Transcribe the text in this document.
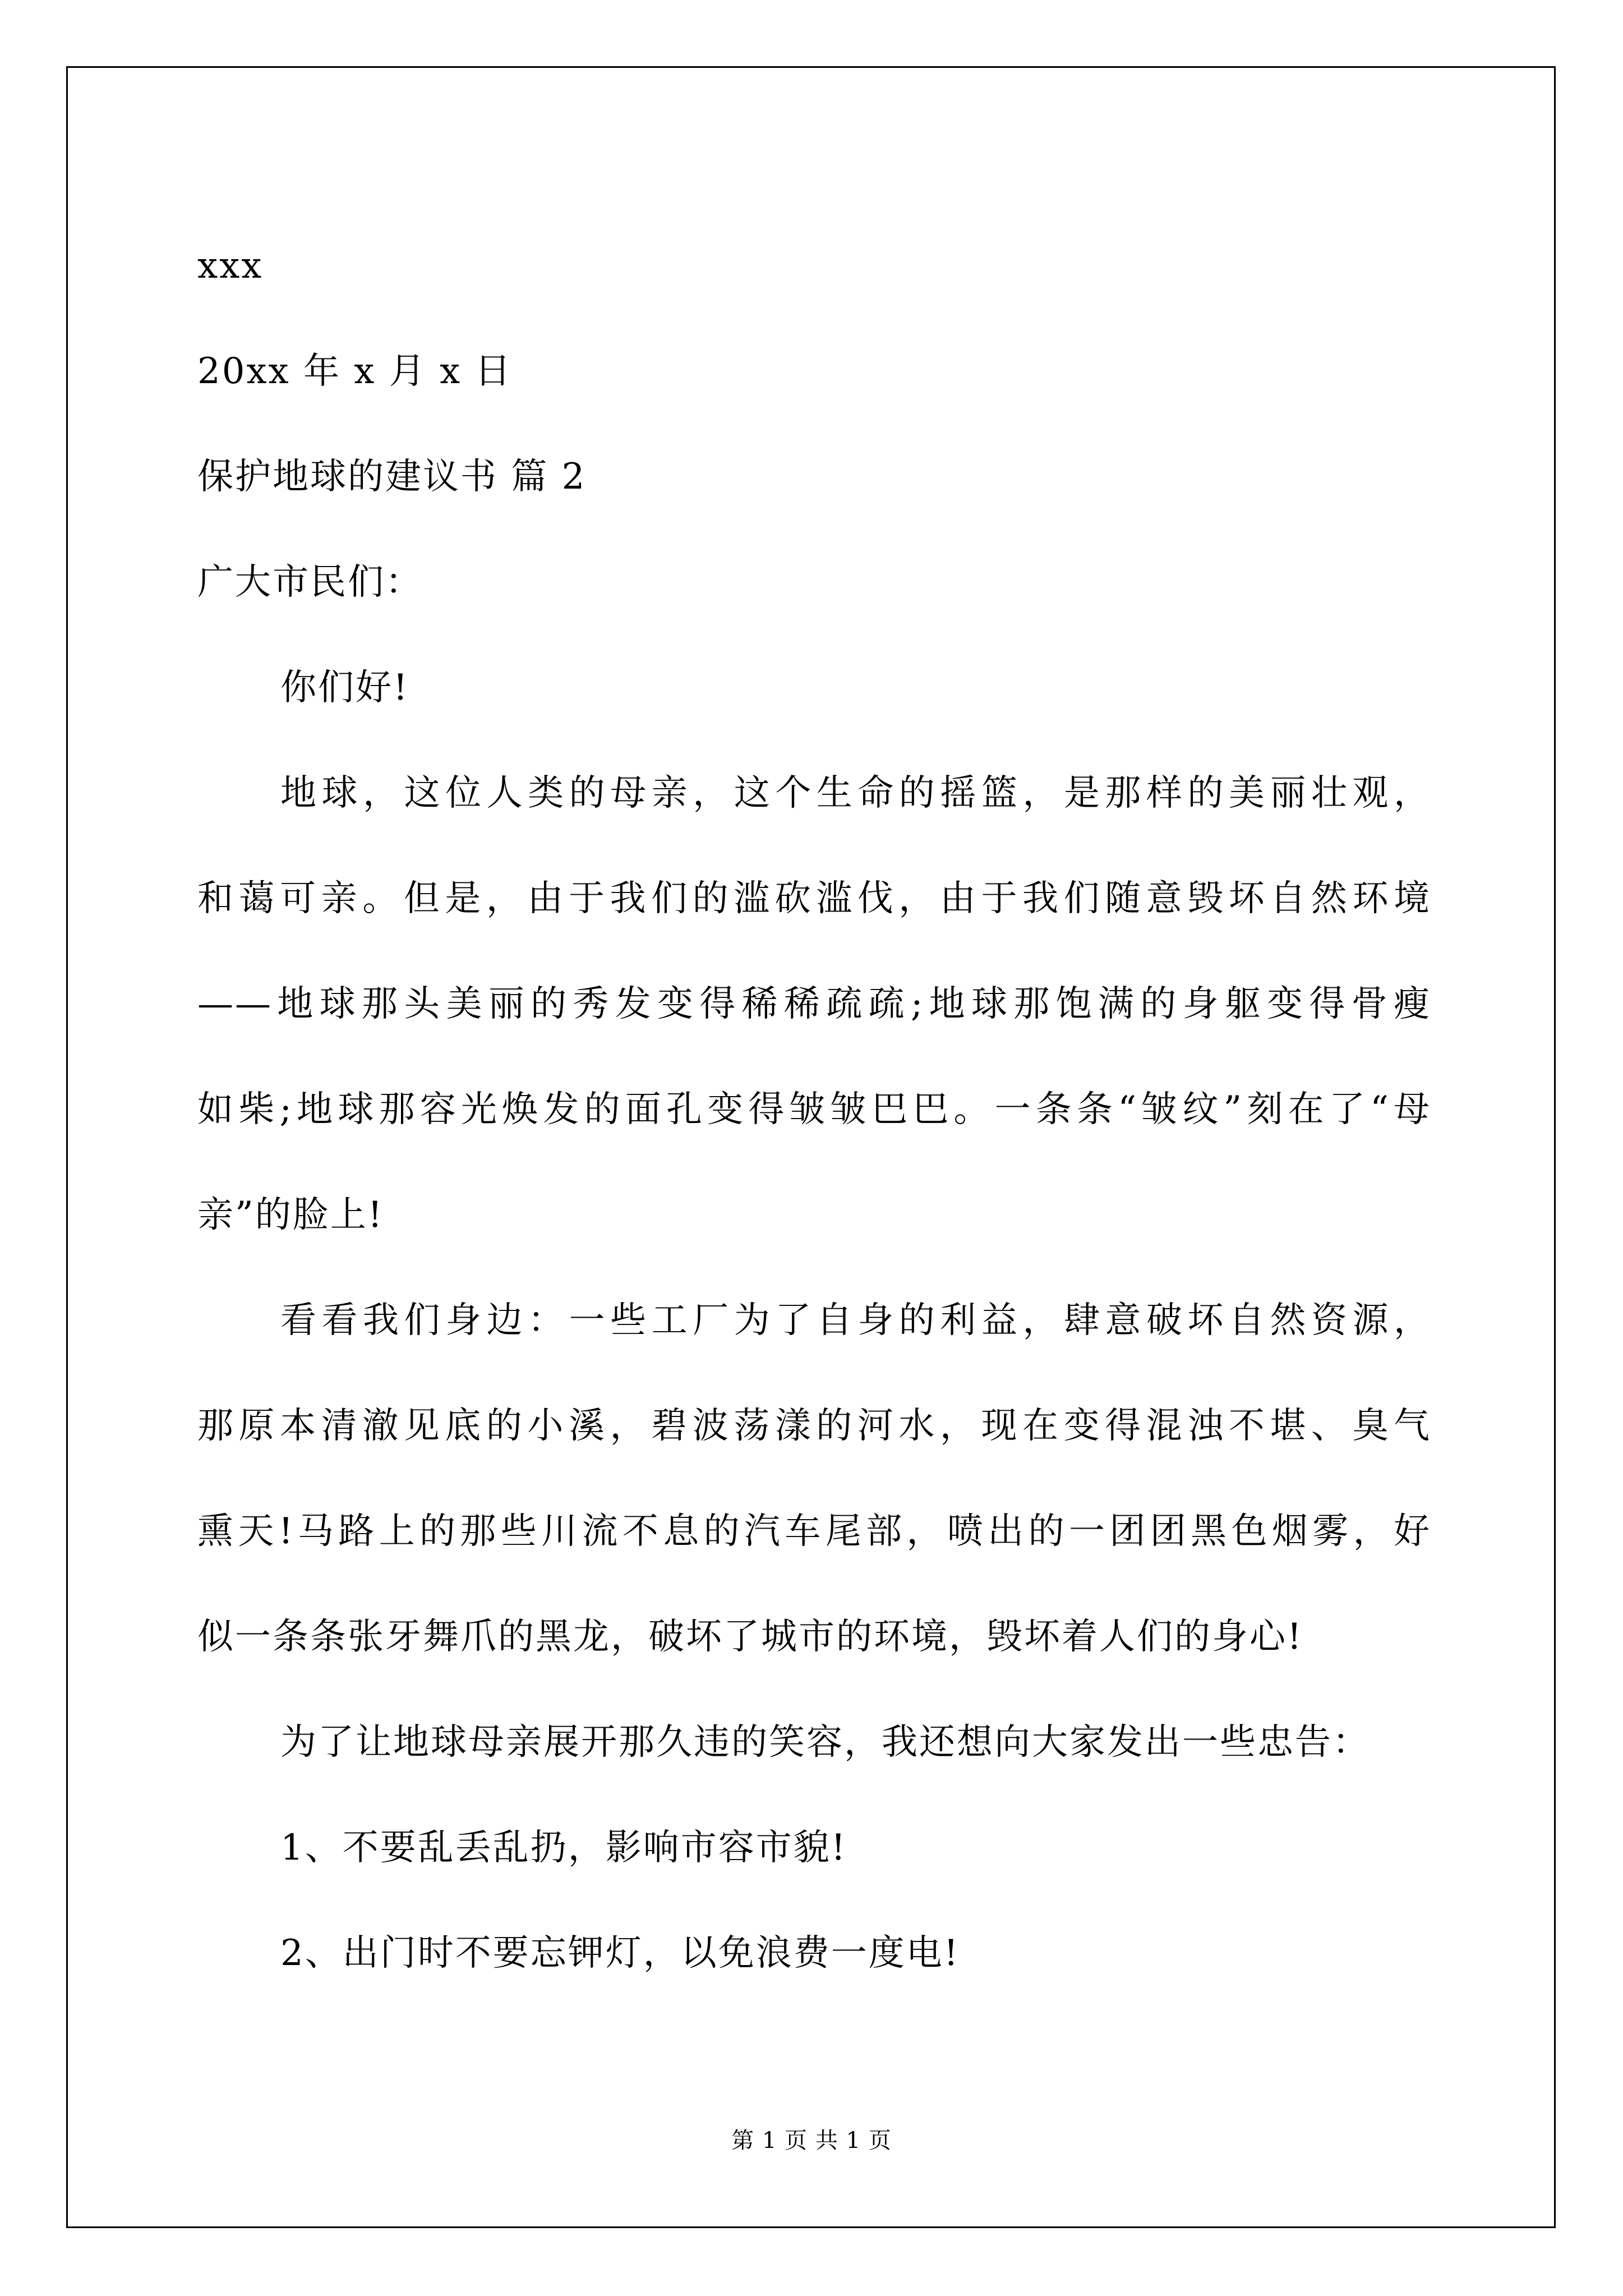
xxx
20xx 年 x 月 x 日
保护地球的建议书 篇 2
广大市民们：
你们好!
地球，这位人类的母亲，这个生命的摇篮，是那样的美丽壮观，
和蔼可亲。但是，由于我们的滥砍滥伐，由于我们随意毁坏自然环境
——地球那头美丽的秀发变得稀稀疏疏;地球那饱满的身躯变得骨瘦
如柴;地球那容光焕发的面孔变得皱皱巴巴。一条条“皱纹”刻在了“母
亲”的脸上!
看看我们身边：一些工厂为了自身的利益，肆意破坏自然资源，
那原本清澈见底的小溪，碧波荡漾的河水，现在变得混浊不堪、臭气
熏天!马路上的那些川流不息的汽车尾部，喷出的一团团黑色烟雾，好
似一条条张牙舞爪的黑龙，破坏了城市的环境，毁坏着人们的身心!
为了让地球母亲展开那久违的笑容，我还想向大家发出一些忠告：
1、不要乱丢乱扔，影响市容市貌!
2、出门时不要忘钾灯，以免浪费一度电!
第 1 页 共 1 页
